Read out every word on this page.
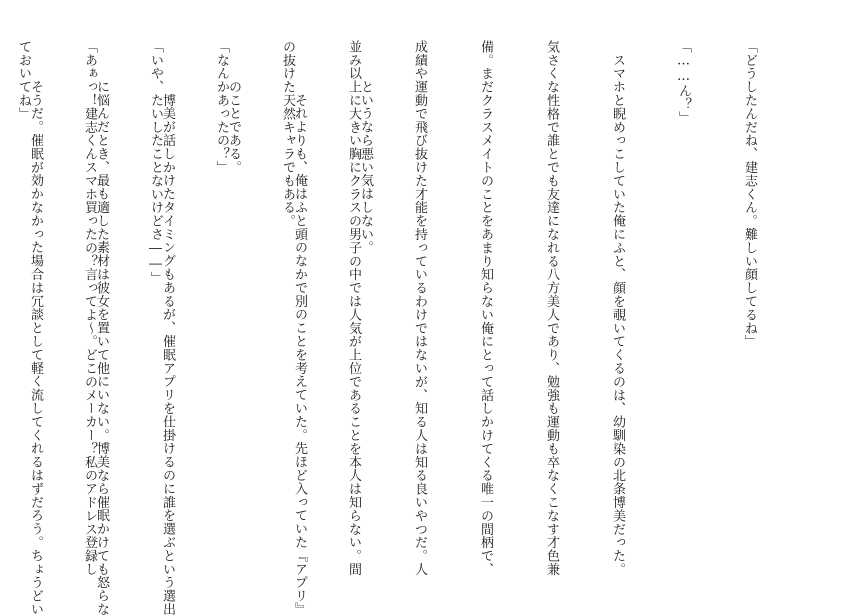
「どうしたんだね、建志くん。難しい顔してるね」

「……ん？」

　スマホと睨めっこしていた俺にふと、顔を覗いてくるのは、幼馴染の北条博美だった。

気さくな性格で誰とでも友達になれる八方美人であり、勉強も運動も卒なくこなす才色兼

備。まだクラスメイトのことをあまり知らない俺にとって話しかけてくる唯一の間柄で、

成績や運動で飛び抜けた才能を持っているわけではないが、知る人は知る良いやつだ。人

並み以上に大きい胸にクラスの男子の中では人気が上位であることを本人は知らない。間

の抜けた天然キャラでもある。

「なんかあったの？」

「いや、たいしたことないけどさ――」

「あぁっ！建志くんスマホ買ったの？言ってよ～。どこのメーカー？私のアドレス登録し

ておいてね」

	というなら悪い気はしない。

　それよりも、俺はふと頭のなかで別のことを考えていた。先ほど入っていた『アプリ』

のことである。

　博美が話しかけたタイミングもあるが、催眠アプリを仕掛けるのに誰を選ぶという選出

に悩んだとき、最も適した素材は彼女を置いて他にいない。博美なら催眠かけても怒らな

そうだ。催眠が効かなかった場合は冗談として軽く流してくれるはずだろう。ちょうどい
